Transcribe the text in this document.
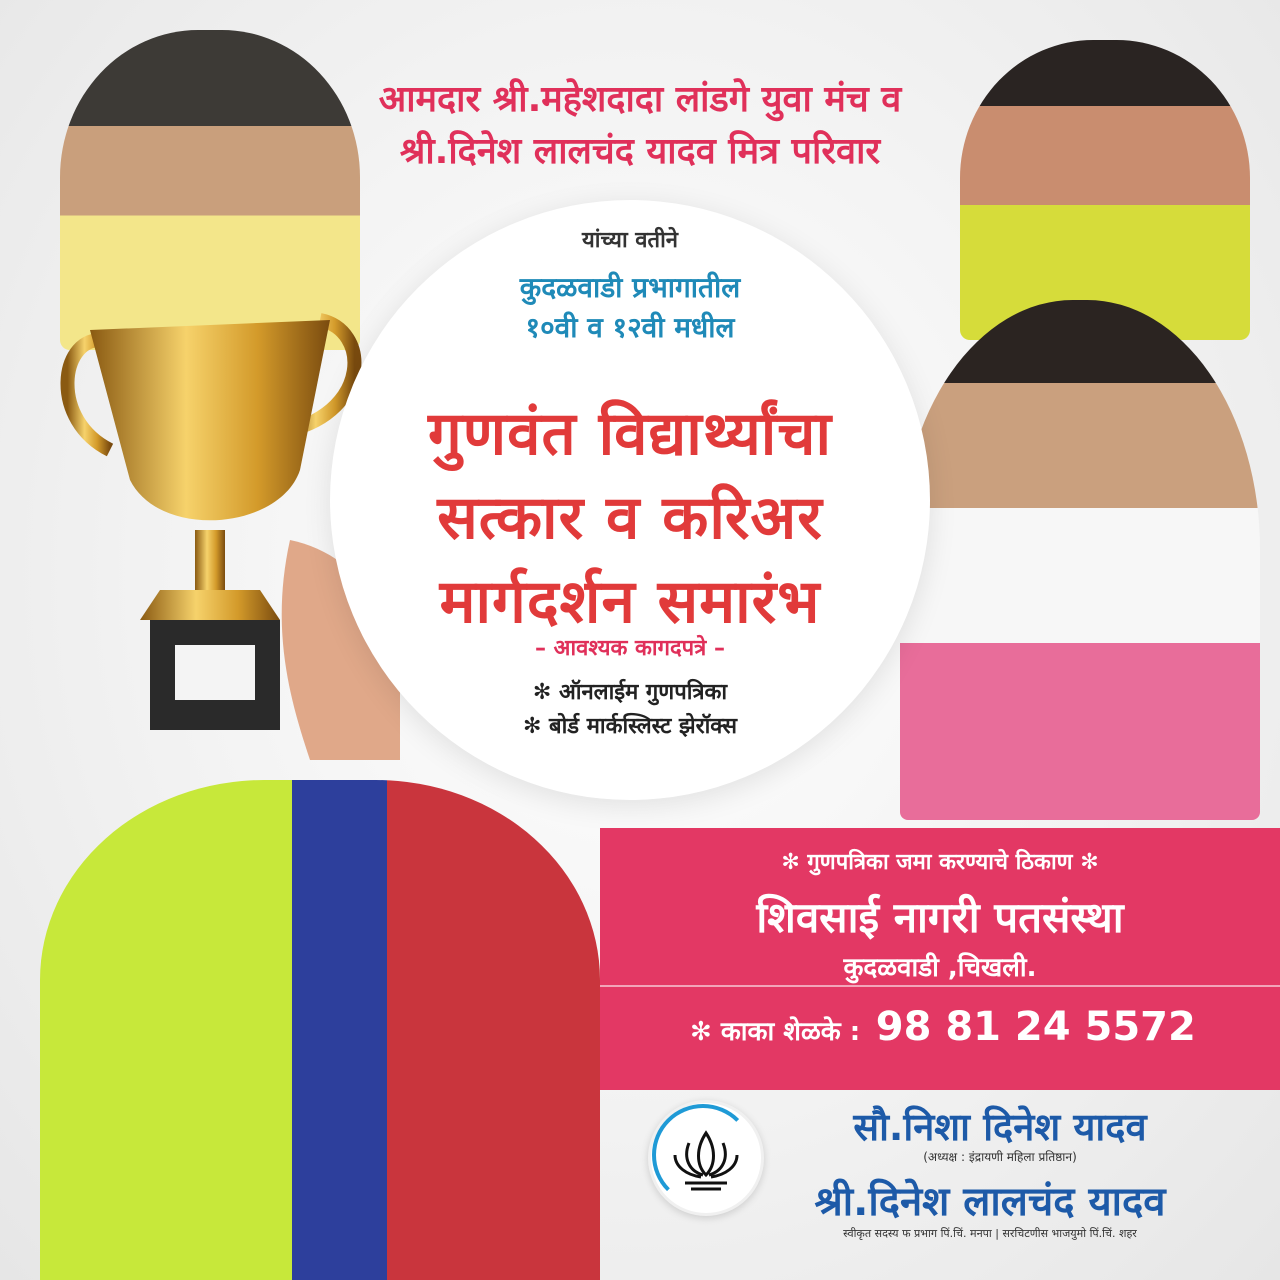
आमदार श्री.महेशदादा लांडगे युवा मंच व
श्री.दिनेश लालचंद यादव मित्र परिवार
यांच्या वतीने
कुदळवाडी प्रभागातील
१०वी व १२वी मधील
गुणवंत विद्यार्थ्यांचा
सत्कार व करिअर
मार्गदर्शन समारंभ
– आवश्यक कागदपत्रे –
✻ ऑनलाईम गुणपत्रिका
✻ बोर्ड मार्कस्लिस्ट झेरॉक्स
✻ गुणपत्रिका जमा करण्याचे ठिकाण ✻
शिवसाई नागरी पतसंस्था
कुदळवाडी ,चिखली.
✻ काका शेळके : 98 81 24 5572
सौ.निशा दिनेश यादव
(अध्यक्ष : इंद्रायणी महिला प्रतिष्ठान)
श्री.दिनेश लालचंद यादव
स्वीकृत सदस्य फ प्रभाग पिं.चिं. मनपा | सरचिटणीस भाजयुमो पिं.चिं. शहर
